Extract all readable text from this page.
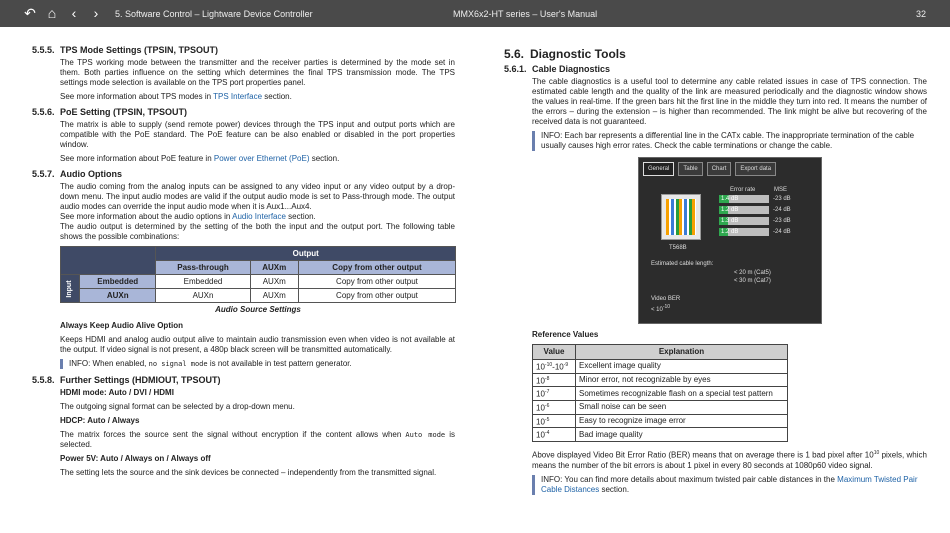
↶ ⌂	‹	›	5. Software Control – Lightware Device Controller	MMX6x2-HT series – User's Manual	32
5.5.5. TPS Mode Settings (TPSIN, TPSOUT)

The TPS working mode between the transmitter and the receiver parties is determined by the mode set in them. Both parties influence on the setting which determines the final TPS transmission mode. The TPS settings mode selection is available on the TPS port properties panel.

See more information about TPS modes in TPS Interface section.

5.5.6. PoE Setting (TPSIN, TPSOUT)

The matrix is able to supply (send remote power) devices through the TPS input and output ports which are compatible with the PoE standard. The PoE feature can be also enabled or disabled in the port properties window.

See more information about PoE feature in Power over Ethernet (PoE) section.

5.5.7. Audio Options

The audio coming from the analog inputs can be assigned to any video input or any video output by a drop-down menu. The input audio modes are valid if the output audio mode is set to Pass-through mode. The output audio modes can override the input audio mode when it is Aux1...Aux4.

See more information about the audio options in Audio Interface section.

The audio output is determined by the setting of the both the input and the output port. The following table shows the possible combinations:

		Output		
		Pass-through	AUXm	Copy from other output

Input	Embedded	Embedded	AUXm	Copy from other output
	AUXn	AUXn	AUXm	Copy from other output
Audio Source Settings

Always Keep Audio Alive Option

Keeps HDMI and analog audio output alive to maintain audio transmission even when video is not available at the output. If video signal is not present, a 480p black screen will be transmitted automatically.

INFO: When enabled, no signal mode is not available in test pattern generator.
5.5.8. Further Settings (HDMIOUT, TPSOUT)

HDMI mode: Auto / DVI / HDMI

The outgoing signal format can be selected by a drop-down menu.

HDCP: Auto / Always

The matrix forces the source sent the signal without encryption if the content allows when Auto mode is selected.

Power 5V: Auto / Always on / Always off

The setting lets the source and the sink devices be connected – independently from the transmitted signal.

5.6. Diagnostic Tools
5.6.1. Cable Diagnostics

The cable diagnostics is a useful tool to determine any cable related issues in case of TPS connection. The estimated cable length and the quality of the link are measured periodically and the diagnostic window shows the values in real-time. If the green bars hit the first line in the middle they turn into red. It means the number of the errors – during the extension – is higher than recommended. The link might be alive but recovering of the received data is not guaranteed.

INFO: Each bar represents a differential line in the CATx cable. The inappropriate termination of the cable usually causes high error rates. Check the cable terminations or change the cable.
General	Table	Chart	Export data
Error rate	MSE
T568B
1.4 dB	-23 dB
1.2 dB	-24 dB
1.3 dB	-23 dB
1.2 dB	-24 dB
Estimated cable length:
< 20 m (Cat5)
< 30 m (Cat7)
Video BER
< $10^{-10}$

Reference Values

Value	Explanation
$10^{-10}-10^{-9}$	Excellent image quality
$10^{-8}$	Minor error, not recognizable by eyes
$10^{-7}$	Sometimes recognizable flash on a special test pattern
$10^{-6}$	Small noise can be seen
$10^{-5}$	Easy to recognize image error
$10^{-4}$	Bad image quality

Above displayed Video Bit Error Ratio (BER) means that on average there is 1 bad pixel after $10^{10}$ pixels, which means the number of the bit errors is about 1 pixel in every 80 seconds at 1080p60 video signal.

INFO: You can find more details about maximum twisted pair cable distances in the Maximum Twisted Pair Cable Distances section.
